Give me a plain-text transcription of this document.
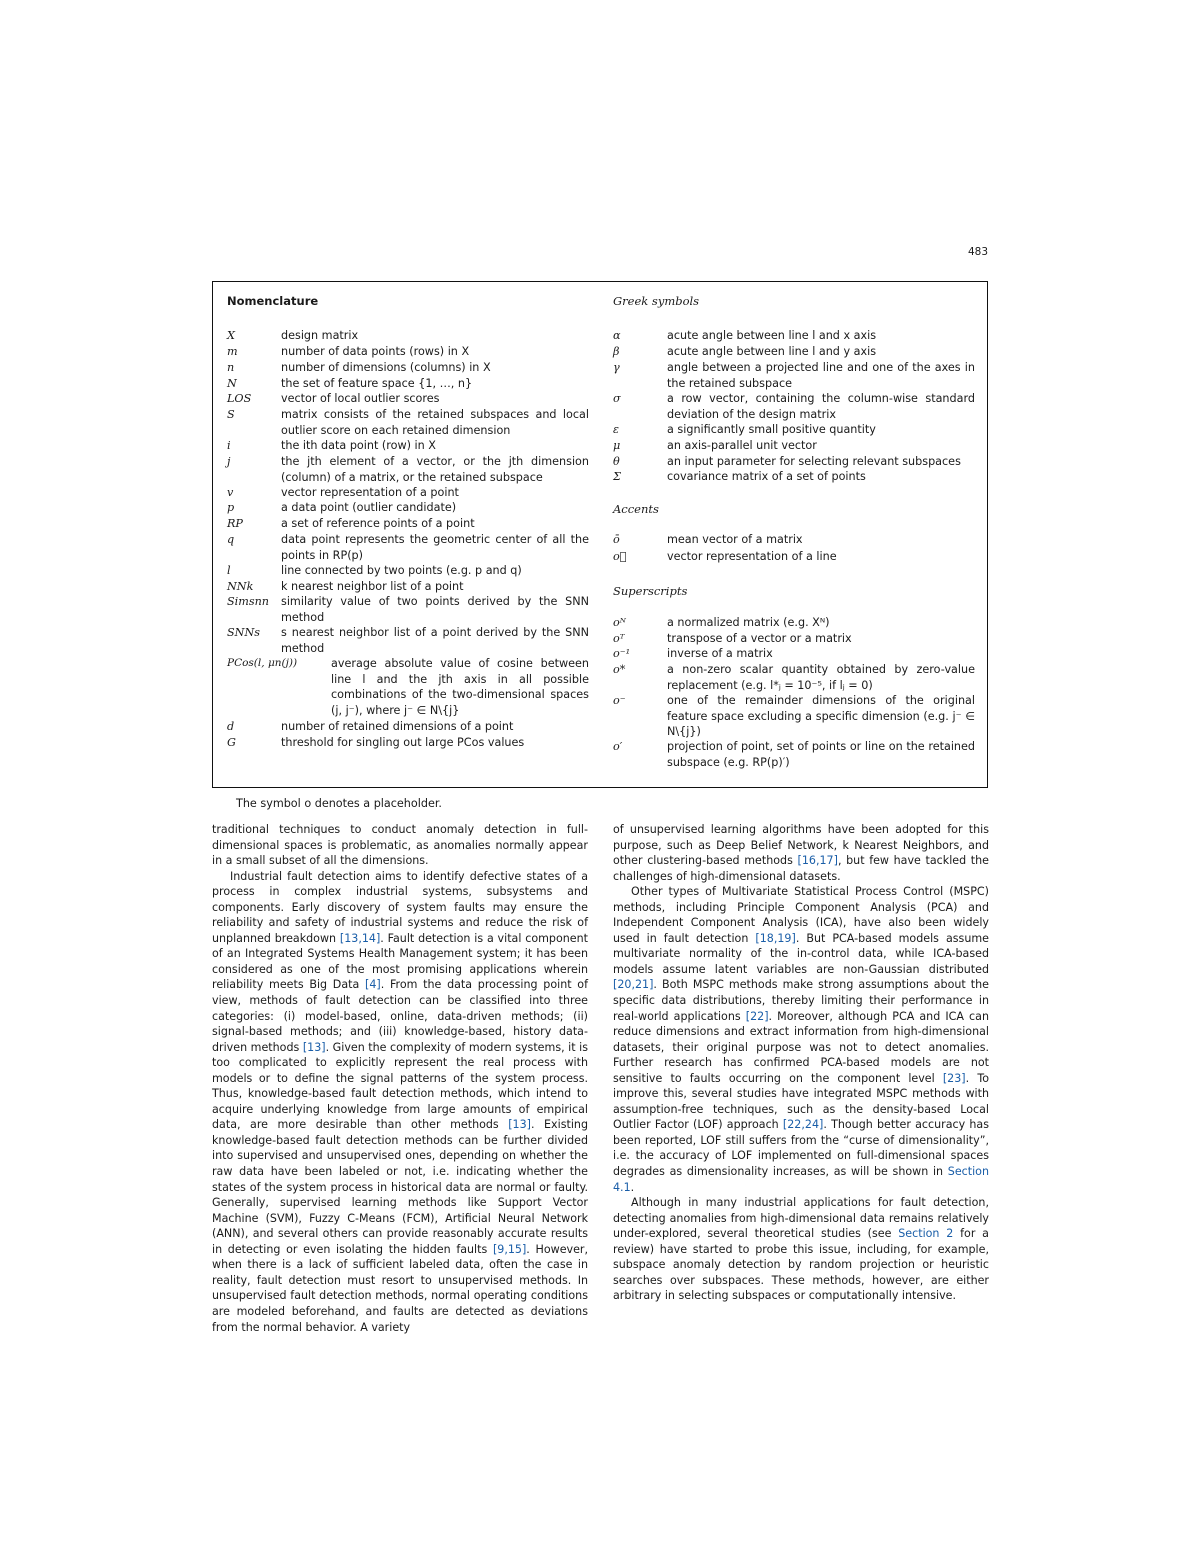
483
Nomenclature
X	design matrix
m	number of data points (rows) in X
n	number of dimensions (columns) in X
N	the set of feature space {1, …, n}
LOS	vector of local outlier scores
S	matrix consists of the retained subspaces and local outlier score on each retained dimension
i	the ith data point (row) in X
j	the jth element of a vector, or the jth dimension (column) of a matrix, or the retained subspace
v	vector representation of a point
p	a data point (outlier candidate)
RP	a set of reference points of a point
q	data point represents the geometric center of all the points in RP(p)
l	line connected by two points (e.g. p and q)
NNk	k nearest neighbor list of a point
Simsnn	similarity value of two points derived by the SNN method
SNNs	s nearest neighbor list of a point derived by the SNN method
PCos(l, μn(j))	average absolute value of cosine between line l and the jth axis in all possible combinations of the two-dimensional spaces (j, j⁻), where j⁻ ∈ N\{j}
d	number of retained dimensions of a point
G	threshold for singling out large PCos values
Greek symbols
Accents
Superscripts
α	acute angle between line l and x axis
β	acute angle between line l and y axis
γ	angle between a projected line and one of the axes in the retained subspace
σ	a row vector, containing the column-wise standard deviation of the design matrix
ε	a significantly small positive quantity
μ	an axis-parallel unit vector
θ	an input parameter for selecting relevant subspaces
Σ	covariance matrix of a set of points
ō	mean vector of a matrix
o⃗	vector representation of a line
oᴺ	a normalized matrix (e.g. Xᴺ)
oᵀ	transpose of a vector or a matrix
o⁻¹	inverse of a matrix
o*	a non-zero scalar quantity obtained by zero-value replacement (e.g. l*ⱼ = 10⁻⁵, if lⱼ = 0)
o⁻	one of the remainder dimensions of the original feature space excluding a specific dimension (e.g. j⁻ ∈ N\{j})
o′	projection of point, set of points or line on the retained subspace (e.g. RP(p)′)
The symbol o denotes a placeholder.

traditional techniques to conduct anomaly detection in full-dimensional spaces is problematic, as anomalies normally appear in a small subset of all the dimensions.

Industrial fault detection aims to identify defective states of a process in complex industrial systems, subsystems and components. Early discovery of system faults may ensure the reliability and safety of industrial systems and reduce the risk of unplanned breakdown [13,14]. Fault detection is a vital component of an Integrated Systems Health Management system; it has been considered as one of the most promising applications wherein reliability meets Big Data [4]. From the data processing point of view, methods of fault detection can be classified into three categories: (i) model-based, online, data-driven methods; (ii) signal-based methods; and (iii) knowledge-based, history data-driven methods [13]. Given the complexity of modern systems, it is too complicated to explicitly represent the real process with models or to define the signal patterns of the system process. Thus, knowledge-based fault detection methods, which intend to acquire underlying knowledge from large amounts of empirical data, are more desirable than other methods [13]. Existing knowledge-based fault detection methods can be further divided into supervised and unsupervised ones, depending on whether the raw data have been labeled or not, i.e. indicating whether the states of the system process in historical data are normal or faulty. Generally, supervised learning methods like Support Vector Machine (SVM), Fuzzy C-Means (FCM), Artificial Neural Network (ANN), and several others can provide reasonably accurate results in detecting or even isolating the hidden faults [9,15]. However, when there is a lack of sufficient labeled data, often the case in reality, fault detection must resort to unsupervised methods. In unsupervised fault detection methods, normal operating conditions are modeled beforehand, and faults are detected as deviations from the normal behavior. A variety

of unsupervised learning algorithms have been adopted for this purpose, such as Deep Belief Network, k Nearest Neighbors, and other clustering-based methods [16,17], but few have tackled the challenges of high-dimensional datasets.

Other types of Multivariate Statistical Process Control (MSPC) methods, including Principle Component Analysis (PCA) and Independent Component Analysis (ICA), have also been widely used in fault detection [18,19]. But PCA-based models assume multivariate normality of the in-control data, while ICA-based models assume latent variables are non-Gaussian distributed [20,21]. Both MSPC methods make strong assumptions about the specific data distributions, thereby limiting their performance in real-world applications [22]. Moreover, although PCA and ICA can reduce dimensions and extract information from high-dimensional datasets, their original purpose was not to detect anomalies. Further research has confirmed PCA-based models are not sensitive to faults occurring on the component level [23]. To improve this, several studies have integrated MSPC methods with assumption-free techniques, such as the density-based Local Outlier Factor (LOF) approach [22,24]. Though better accuracy has been reported, LOF still suffers from the “curse of dimensionality”, i.e. the accuracy of LOF implemented on full-dimensional spaces degrades as dimensionality increases, as will be shown in Section 4.1.

Although in many industrial applications for fault detection, detecting anomalies from high-dimensional data remains relatively under-explored, several theoretical studies (see Section 2 for a review) have started to probe this issue, including, for example, subspace anomaly detection by random projection or heuristic searches over subspaces. These methods, however, are either arbitrary in selecting subspaces or computationally intensive.
